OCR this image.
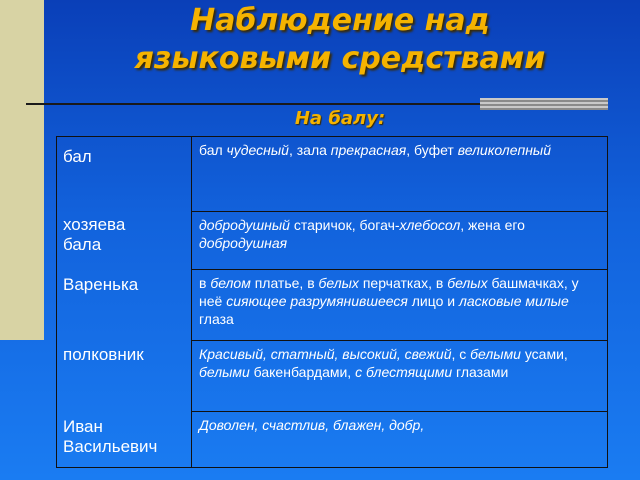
Наблюдение над
языковыми средствами
На балу:
бал
хозяева
бала
Варенька
полковник
Иван
Васильевич
бал чудесный, зала прекрасная, буфет великолепный
добродушный старичок, богач-хлебосол, жена его добродушная
в белом платье, в белых перчатках, в белых башмачках, у неё сияющее разрумянившееся лицо и ласковые милые глаза
Красивый, статный, высокий, свежий, с белыми усами, белыми бакенбардами, с блестящими глазами
Доволен, счастлив, блажен, добр,
